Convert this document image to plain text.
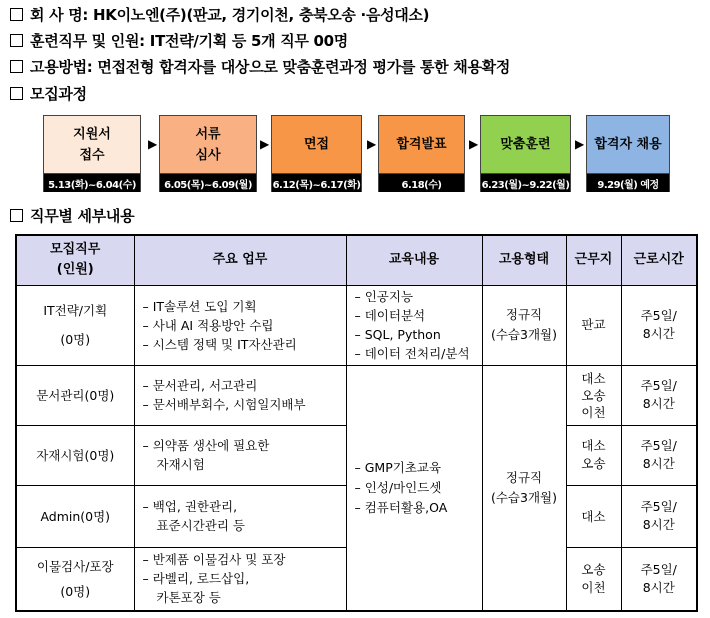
회 사 명: HK이노엔(주)(판교, 경기이천, 충북오송 ·음성대소)
훈련직무 및 인원: IT전략/기획 등 5개 직무 00명
고용방법: 면접전형 합격자를 대상으로 맞춤훈련과정 평가를 통한 채용확정
모집과정
지원서
접수
5.13(화)~6.04(수)
▶
서류
심사
6.05(목)~6.09(월)
▶	면접
6.12(목)~6.17(화)
▶	합격발표
6.18(수)
▶	맞춤훈련
6.23(월)~9.22(월)
▶ 합격자 채용
9.29(월) 예정
직무별 세부내용
모집직무
(인원)	주요 업무	교육내용	고용형태	근무지	근로시간

IT전략/기획
(0명)	– IT솔루션 도입 기획
– 사내 AI 적용방안 수립
– 시스템 정택 및 IT자산관리	– 인공지능
– 데이터분석
– SQL, Python
– 데이터 전처리/분석	정규직
(수습3개월)	판교	주5일/
8시간
문서관리(0명)	– 문서관리, 서고관리
– 문서배부회수, 시험일지배부	– GMP기초교육
– 인성/마인드셋
– 컴퓨터활용,OA	정규직
(수습3개월)	대소
오송
이천	주5일/
8시간
자재시험(0명)	– 의약품 생산에 필요한
자재시험			대소
오송	주5일/
8시간
Admin(0명)	– 백업, 권한관리,
표준시간관리 등			대소	주5일/
8시간

이물검사/포장
(0명)	– 반제품 이물검사 및 포장
– 라벨리, 로드삽입,
카톤포장 등			오송
이천	주5일/
8시간
